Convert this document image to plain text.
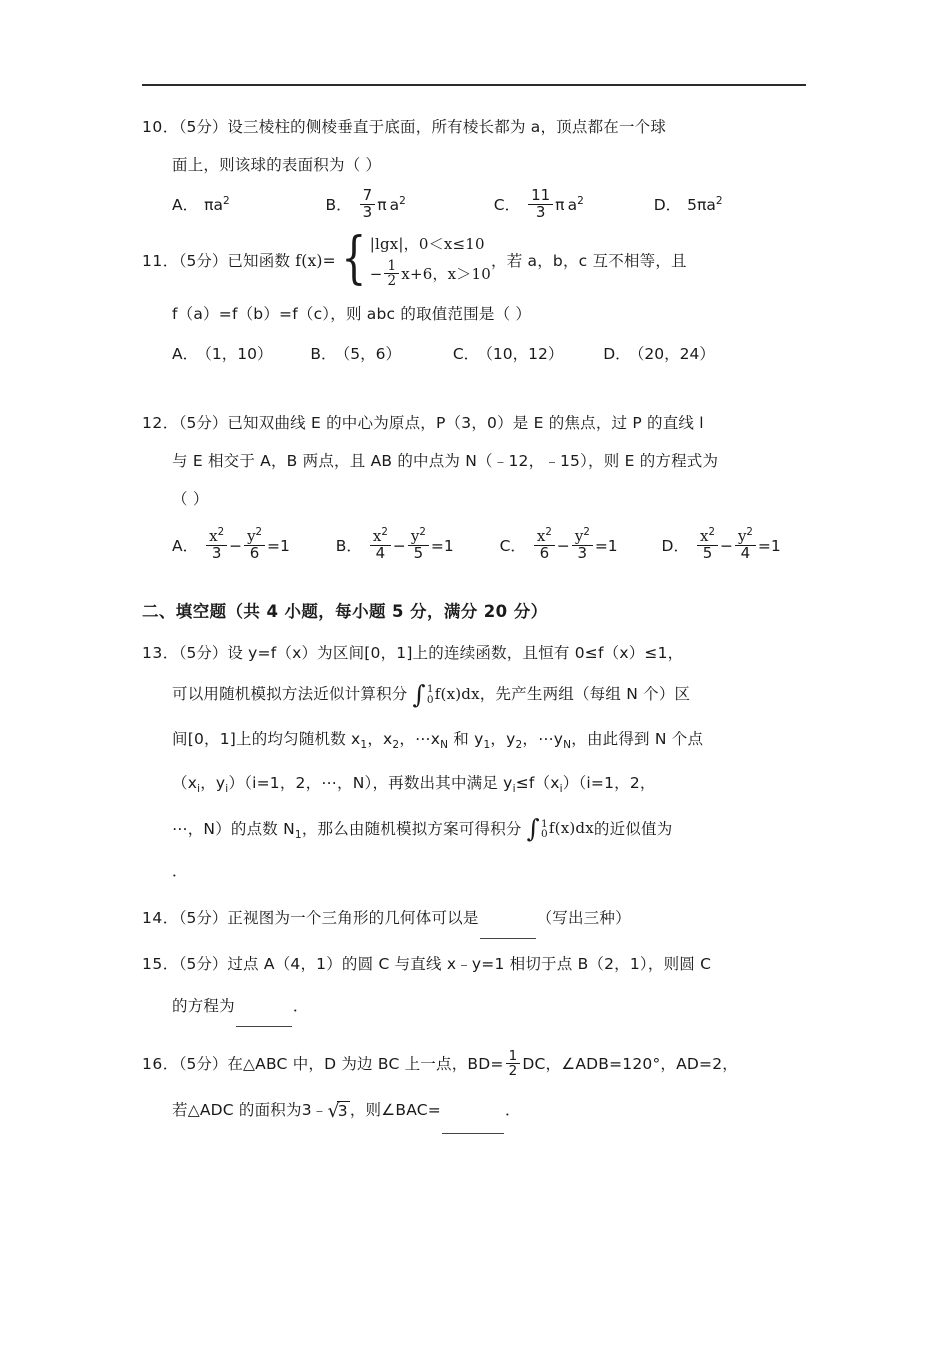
10．（5分）设三棱柱的侧棱垂直于底面，所有棱长都为 a，顶点都在一个球
面上，则该球的表面积为（ ）
A． $\pi a^2$	B． $\frac{7}{3}$ π  $a^2$	C． $\frac{11}{3}$ π  $a^2$	D． $5\pi a^2$
11．（5分）已知函数 f(x)={ |lgx|，0＜x≤10
− $\frac{1}{2} x+6$，x＞10
，若 a，b，c 互不相等，且
f（a）=f（b）=f（c），则 abc 的取值范围是（ ）
A． （1，10） B． （5，6）	C． （10，12）	D． （20，24）
12．（5分）已知双曲线 E 的中心为原点，P（3，0）是 E 的焦点，过 P 的直线 l
与 E 相交于 A，B 两点，且 AB 的中点为 N（﹣12，﹣15），则 E 的方程式为
（ ）
A． $\frac{x^2}{3} - \frac{y^2}{6} =1$	B． $\frac{x^2}{4} - \frac{y^2}{5} =1$	C． $\frac{x^2}{6} - \frac{y^2}{3} =1$	D． $\frac{x^2}{5} - \frac{y^2}{4} =1$
二、填空题（共 4 小题，每小题 5 分，满分 20 分）
13．（5分）设 y=f（x）为区间[0，1]上的连续函数，且恒有 0≤f（x）≤1，
可以用随机模拟方法近似计算积分 ∫ 1
0 f(x)dx，先产生两组（每组 N 个）区
间[0，1]上的均匀随机数 $x_1$，$x_2$，$\cdots x_N$ 和 $y_1$，$y_2$，$\cdots y_N$，由此得到 N 个点
（$x_i$，$y_i)(i=1$，2，⋯，N），再数出其中满足 $y_i\le f(x_i)(i=1$，2，
⋯，N）的点数 $N_1$，那么由随机模拟方案可得积分 ∫ 1
0 f(x)dx的近似值为
．
14．（5分）正视图为一个三角形的几何体可以是	（写出三种）
15．（5分）过点 A（4，1）的圆 C 与直线 x﹣y=1 相切于点 B（2，1），则圆 C
的方程为	．
16．（5分）在△ABC 中，D 为边 BC 上一点，$BD= \frac{1}{2}$ DC，∠ADB=120°，AD=2，
若△ADC 的面积为3﹣√3 ，则∠BAC=	．
